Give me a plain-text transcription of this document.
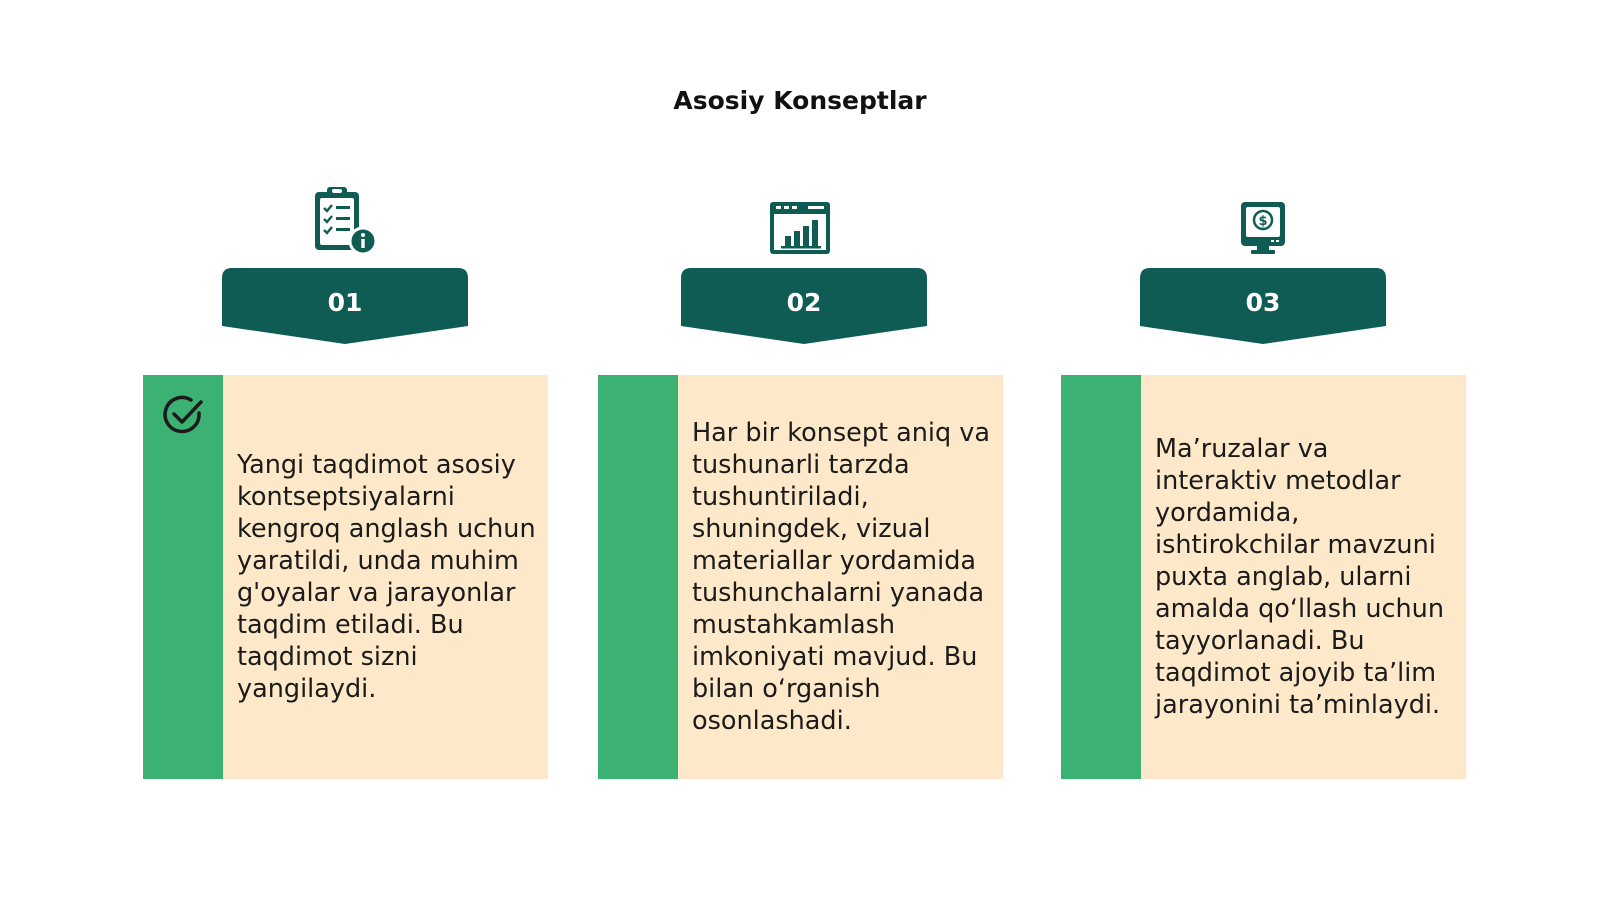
Asosiy Konseptlar
01

Yangi taqdimot asosiy kontseptsiyalarni kengroq anglash uchun yaratildi, unda muhim g'oyalar va jarayonlar taqdim etiladi. Bu taqdimot sizni yangilaydi.

02

Har bir konsept aniq va tushunarli tarzda tushuntiriladi, shuningdek, vizual materiallar yordamida tushunchalarni yanada mustahkamlash imkoniyati mavjud. Bu bilan oʻrganish osonlashadi.

$
03

Maʼruzalar va interaktiv metodlar yordamida, ishtirokchilar mavzuni puxta anglab, ularni amalda qoʻllash uchun tayyorlanadi. Bu taqdimot ajoyib taʼlim jarayonini taʼminlaydi.
